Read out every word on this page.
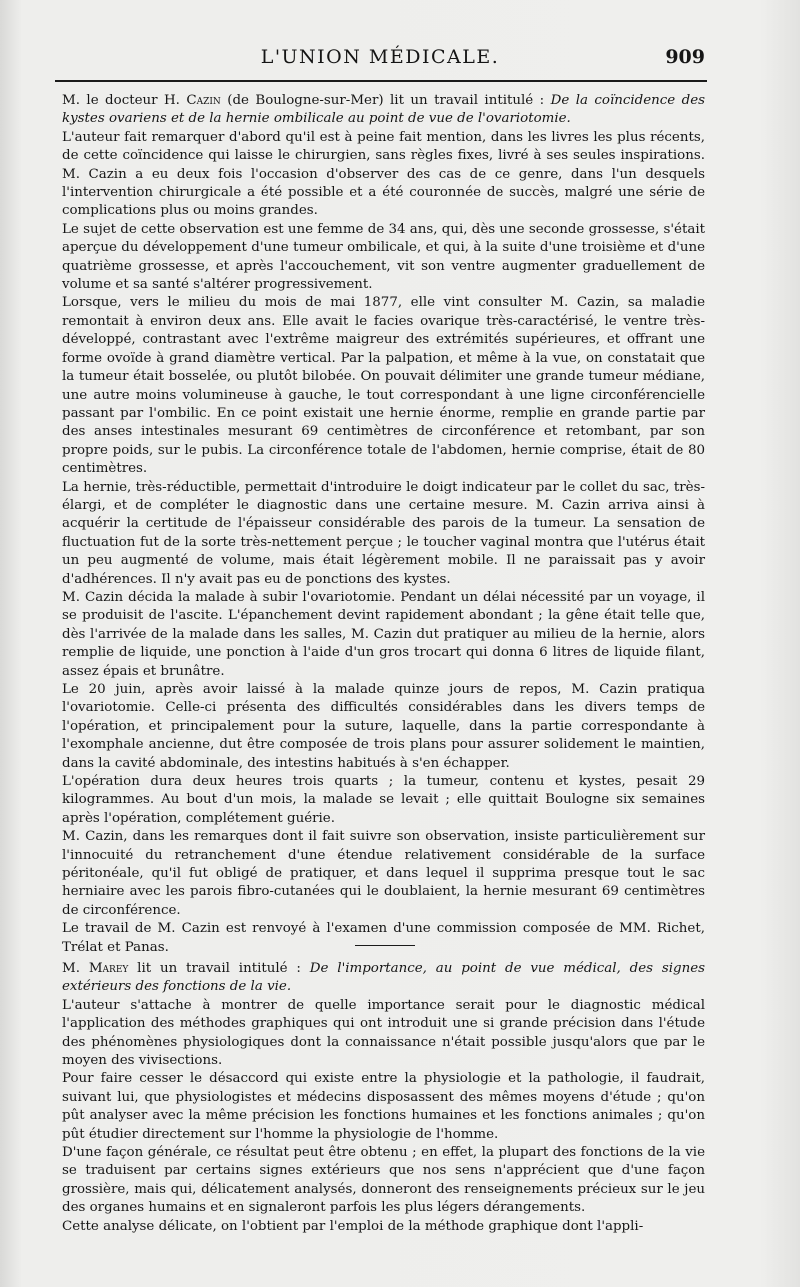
L'UNION MÉDICALE.	909

M. le docteur H. Cazin (de Boulogne-sur-Mer) lit un travail intitulé : De la coïncidence des kystes ovariens et de la hernie ombilicale au point de vue de l'ovariotomie.

L'auteur fait remarquer d'abord qu'il est à peine fait mention, dans les livres les plus récents, de cette coïncidence qui laisse le chirurgien, sans règles fixes, livré à ses seules inspirations. M. Cazin a eu deux fois l'occasion d'observer des cas de ce genre, dans l'un desquels l'intervention chirurgicale a été possible et a été couronnée de succès, malgré une série de complications plus ou moins grandes.

Le sujet de cette observation est une femme de 34 ans, qui, dès une seconde grossesse, s'était aperçue du développement d'une tumeur ombilicale, et qui, à la suite d'une troisième et d'une quatrième grossesse, et après l'accouchement, vit son ventre augmenter graduellement de volume et sa santé s'altérer progressivement.

Lorsque, vers le milieu du mois de mai 1877, elle vint consulter M. Cazin, sa maladie remontait à environ deux ans. Elle avait le facies ovarique très-caractérisé, le ventre très-développé, contrastant avec l'extrême maigreur des extrémités supérieures, et offrant une forme ovoïde à grand diamètre vertical. Par la palpation, et même à la vue, on constatait que la tumeur était bosselée, ou plutôt bilobée. On pouvait délimiter une grande tumeur médiane, une autre moins volumineuse à gauche, le tout correspondant à une ligne circonférencielle passant par l'ombilic. En ce point existait une hernie énorme, remplie en grande partie par des anses intestinales mesurant 69 centimètres de circonférence et retombant, par son propre poids, sur le pubis. La circonférence totale de l'abdomen, hernie comprise, était de 80 centimètres.

La hernie, très-réductible, permettait d'introduire le doigt indicateur par le collet du sac, très-élargi, et de compléter le diagnostic dans une certaine mesure. M. Cazin arriva ainsi à acquérir la certitude de l'épaisseur considérable des parois de la tumeur. La sensation de fluctuation fut de la sorte très-nettement perçue ; le toucher vaginal montra que l'utérus était un peu augmenté de volume, mais était légèrement mobile. Il ne paraissait pas y avoir d'adhérences. Il n'y avait pas eu de ponctions des kystes.

M. Cazin décida la malade à subir l'ovariotomie. Pendant un délai nécessité par un voyage, il se produisit de l'ascite. L'épanchement devint rapidement abondant ; la gêne était telle que, dès l'arrivée de la malade dans les salles, M. Cazin dut pratiquer au milieu de la hernie, alors remplie de liquide, une ponction à l'aide d'un gros trocart qui donna 6 litres de liquide filant, assez épais et brunâtre.

Le 20 juin, après avoir laissé à la malade quinze jours de repos, M. Cazin pratiqua l'ovariotomie. Celle-ci présenta des difficultés considérables dans les divers temps de l'opération, et principalement pour la suture, laquelle, dans la partie correspondante à l'exomphale ancienne, dut être composée de trois plans pour assurer solidement le maintien, dans la cavité abdominale, des intestins habitués à s'en échapper.

L'opération dura deux heures trois quarts ; la tumeur, contenu et kystes, pesait 29 kilogrammes. Au bout d'un mois, la malade se levait ; elle quittait Boulogne six semaines après l'opération, complétement guérie.

M. Cazin, dans les remarques dont il fait suivre son observation, insiste particulièrement sur l'innocuité du retranchement d'une étendue relativement considérable de la surface péritonéale, qu'il fut obligé de pratiquer, et dans lequel il supprima presque tout le sac herniaire avec les parois fibro-cutanées qui le doublaient, la hernie mesurant 69 centimètres de circonférence.

Le travail de M. Cazin est renvoyé à l'examen d'une commission composée de MM. Richet, Trélat et Panas.

M. Marey lit un travail intitulé : De l'importance, au point de vue médical, des signes extérieurs des fonctions de la vie.

L'auteur s'attache à montrer de quelle importance serait pour le diagnostic médical l'application des méthodes graphiques qui ont introduit une si grande précision dans l'étude des phénomènes physiologiques dont la connaissance n'était possible jusqu'alors que par le moyen des vivisections.

Pour faire cesser le désaccord qui existe entre la physiologie et la pathologie, il faudrait, suivant lui, que physiologistes et médecins disposassent des mêmes moyens d'étude ; qu'on pût analyser avec la même précision les fonctions humaines et les fonctions animales ; qu'on pût étudier directement sur l'homme la physiologie de l'homme.

D'une façon générale, ce résultat peut être obtenu ; en effet, la plupart des fonctions de la vie se traduisent par certains signes extérieurs que nos sens n'apprécient que d'une façon grossière, mais qui, délicatement analysés, donneront des renseignements précieux sur le jeu des organes humains et en signaleront parfois les plus légers dérangements.

Cette analyse délicate, on l'obtient par l'emploi de la méthode graphique dont l'appli-
